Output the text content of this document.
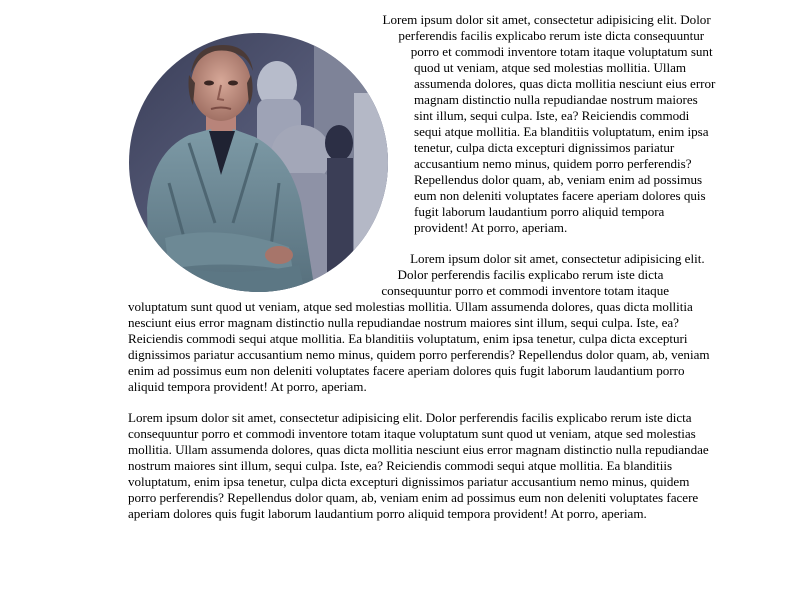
Lorem ipsum dolor sit amet, consectetur adipisicing elit. Dolor perferendis facilis explicabo rerum iste dicta consequuntur porro et commodi inventore totam itaque voluptatum sunt quod ut veniam, atque sed molestias mollitia. Ullam assumenda dolores, quas dicta mollitia nesciunt eius error magnam distinctio nulla repudiandae nostrum maiores sint illum, sequi culpa. Iste, ea? Reiciendis commodi sequi atque mollitia. Ea blanditiis voluptatum, enim ipsa tenetur, culpa dicta excepturi dignissimos pariatur accusantium nemo minus, quidem porro perferendis? Repellendus dolor quam, ab, veniam enim ad possimus eum non deleniti voluptates facere aperiam dolores quis fugit laborum laudantium porro aliquid tempora provident! At porro, aperiam.

Lorem ipsum dolor sit amet, consectetur adipisicing elit. Dolor perferendis facilis explicabo rerum iste dicta consequuntur porro et commodi inventore totam itaque voluptatum sunt quod ut veniam, atque sed molestias mollitia. Ullam assumenda dolores, quas dicta mollitia nesciunt eius error magnam distinctio nulla repudiandae nostrum maiores sint illum, sequi culpa. Iste, ea? Reiciendis commodi sequi atque mollitia. Ea blanditiis voluptatum, enim ipsa tenetur, culpa dicta excepturi dignissimos pariatur accusantium nemo minus, quidem porro perferendis? Repellendus dolor quam, ab, veniam enim ad possimus eum non deleniti voluptates facere aperiam dolores quis fugit laborum laudantium porro aliquid tempora provident! At porro, aperiam.

Lorem ipsum dolor sit amet, consectetur adipisicing elit. Dolor perferendis facilis explicabo rerum iste dicta consequuntur porro et commodi inventore totam itaque voluptatum sunt quod ut veniam, atque sed molestias mollitia. Ullam assumenda dolores, quas dicta mollitia nesciunt eius error magnam distinctio nulla repudiandae nostrum maiores sint illum, sequi culpa. Iste, ea? Reiciendis commodi sequi atque mollitia. Ea blanditiis voluptatum, enim ipsa tenetur, culpa dicta excepturi dignissimos pariatur accusantium nemo minus, quidem porro perferendis? Repellendus dolor quam, ab, veniam enim ad possimus eum non deleniti voluptates facere aperiam dolores quis fugit laborum laudantium porro aliquid tempora provident! At porro, aperiam.
